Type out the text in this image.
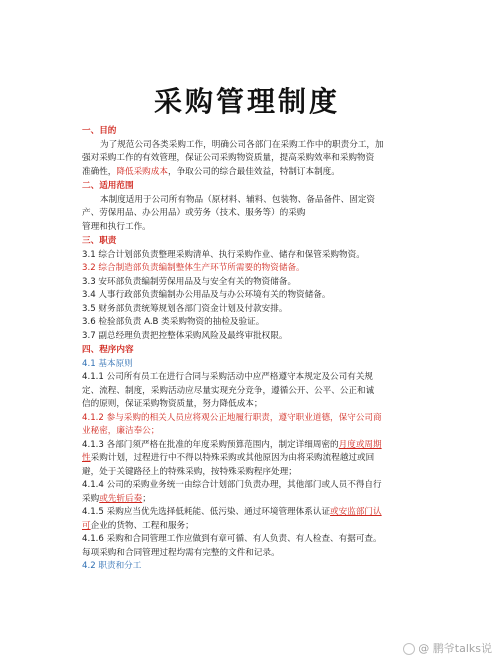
采购管理制度
一、目的
为了规范公司各类采购工作，明确公司各部门在采购工作中的职责分工，加
强对采购工作的有效管理，保证公司采购物资质量，提高采购效率和采购物资
准确性，降低采购成本，争取公司的综合最佳效益，特制订本制度。
二、适用范围
本制度适用于公司所有物品（原材料、辅料、包装物、备品备件、固定资
产、劳保用品、办公用品）或劳务（技术、服务等）的采购
管理和执行工作。
三、职责
3.1 综合计划部负责整理采购清单、执行采购作业、储存和保管采购物资。
3.2 综合制造部负责编制整体生产环节所需要的物资储备。
3.3 安环部负责编制劳保用品及与安全有关的物资储备。
3.4 人事行政部负责编制办公用品及与办公环境有关的物资储备。
3.5 财务部负责统筹规划各部门资金计划及付款安排。
3.6 检验部负责 A.B 类采购物资的抽检及验证。
3.7 副总经理负责把控整体采购风险及最终审批权限。
四、程序内容
4.1 基本原则
4.1.1 公司所有员工在进行合同与采购活动中应严格遵守本规定及公司有关规
定、流程、制度，采购活动应尽量实现充分竞争，遵循公开、公平、公正和诚
信的原则，保证采购物资质量，努力降低成本；
4.1.2 参与采购的相关人员应将观公正地履行职责，遵守职业道德，保守公司商
业秘密，廉洁奉公；
4.1.3 各部门须严格在批准的年度采购预算范围内，制定详细周密的月度或周期
性采购计划，过程进行中不得以特殊采购或其他原因为由将采购流程越过或回
避，处于关键路径上的特殊采购，按特殊采购程序处理；
4.1.4 公司的采购业务统一由综合计划部门负责办理，其他部门或人员不得自行
采购或先斩后奏；
4.1.5 采购应当优先选择低耗能、低污染、通过环境管理体系认证或安监部门认
可企业的货物、工程和服务；
4.1.6 采购和合同管理工作应做到有章可循、有人负责、有人检查、有据可查。
每项采购和合同管理过程均需有完整的文件和记录。
4.2 职责和分工
@ 鹏爷talks说
